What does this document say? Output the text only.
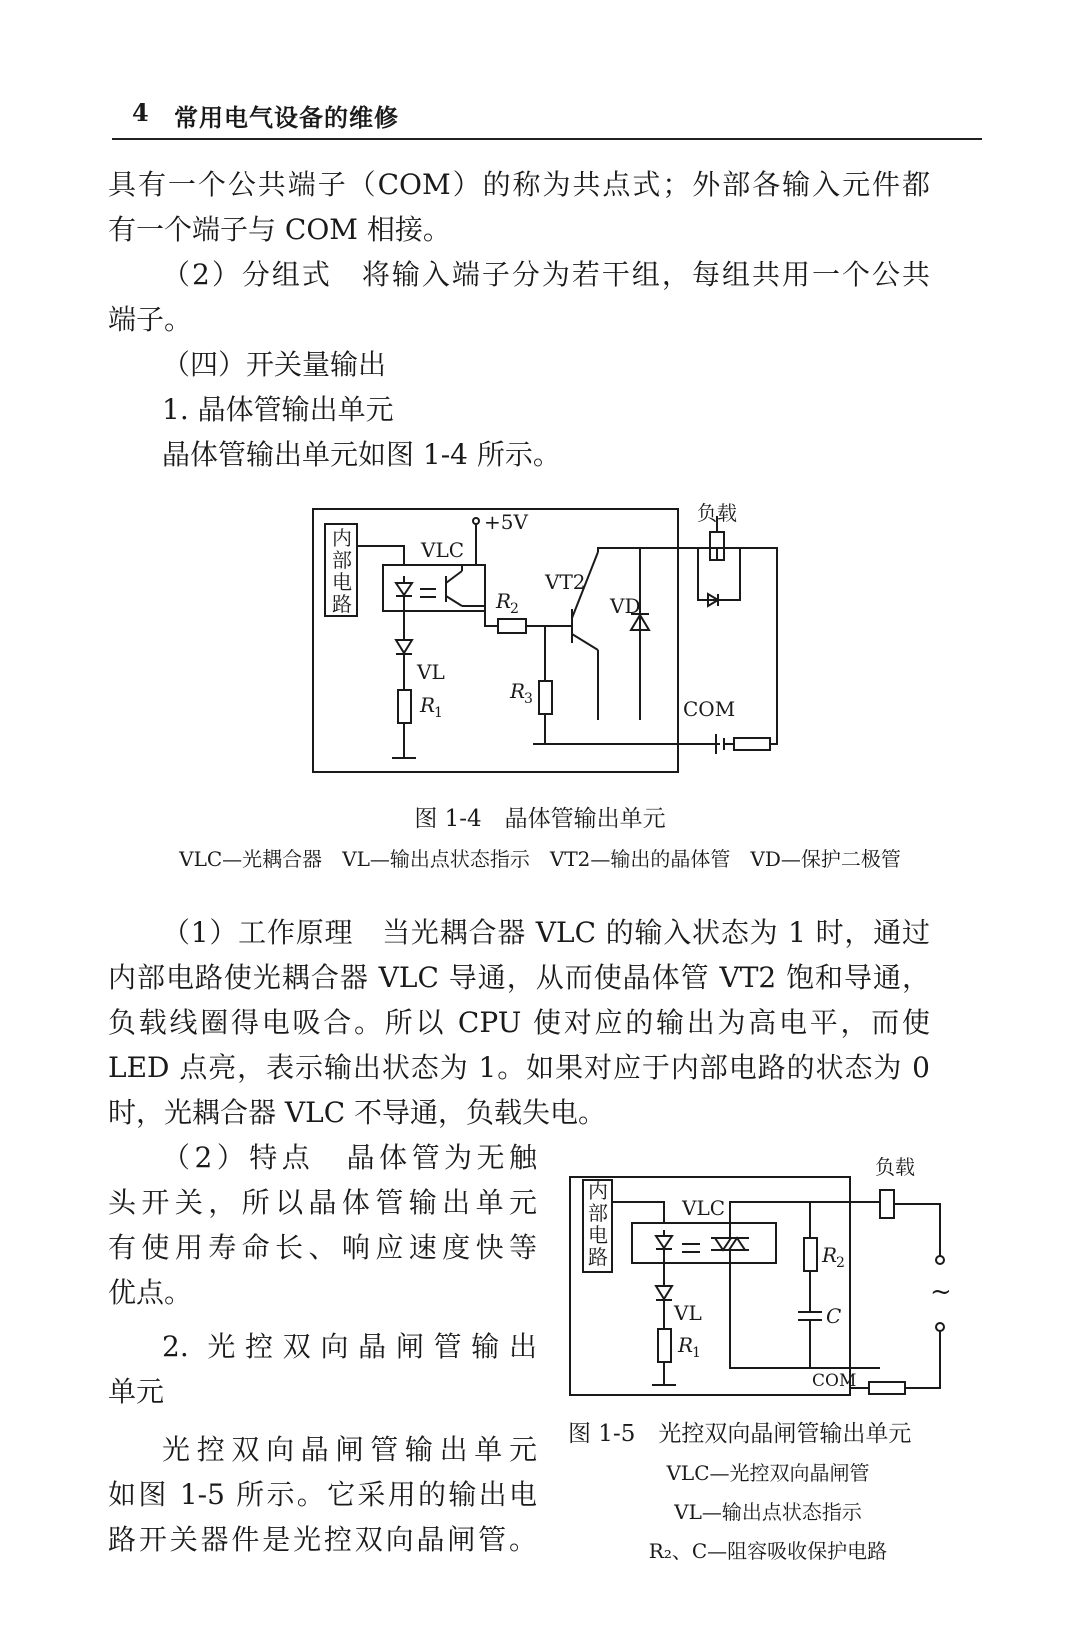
4 常用电气设备的维修

具有一个公共端子（COM）的称为共点式；外部各输入元件都

有一个端子与 COM 相接。

（2）分组式　将输入端子分为若干组，每组共用一个公共

端子。

（四）开关量输出

1. 晶体管输出单元

晶体管输出单元如图 1-4 所示。

内
部
电
路
VLC
+5V
R
2
VT2
VD
负载
VL
R
1
R
3	COM
图 1-4　晶体管输出单元
VLC—光耦合器　VL—输出点状态指示　VT2—输出的晶体管　VD—保护二极管

（1）工作原理　当光耦合器 VLC 的输入状态为 1 时，通过

内部电路使光耦合器 VLC 导通，从而使晶体管 VT2 饱和导通，

负载线圈得电吸合。所以 CPU 使对应的输出为高电平，而使

LED 点亮，表示输出状态为 1。如果对应于内部电路的状态为 0

时，光耦合器 VLC 不导通，负载失电。

（2）特点　晶体管为无触

头开关，所以晶体管输出单元

有使用寿命长、响应速度快等

优点。

2. 光控双向晶闸管输出

单元

光控双向晶闸管输出单元

如图 1-5 所示。它采用的输出电

路开关器件是光控双向晶闸管。

内
部
电
路
VLC
负载
R
2
C
~
VL
R
1
COM
图 1-5　光控双向晶闸管输出单元
VLC—光控双向晶闸管
VL—输出点状态指示
R₂、C—阻容吸收保护电路
